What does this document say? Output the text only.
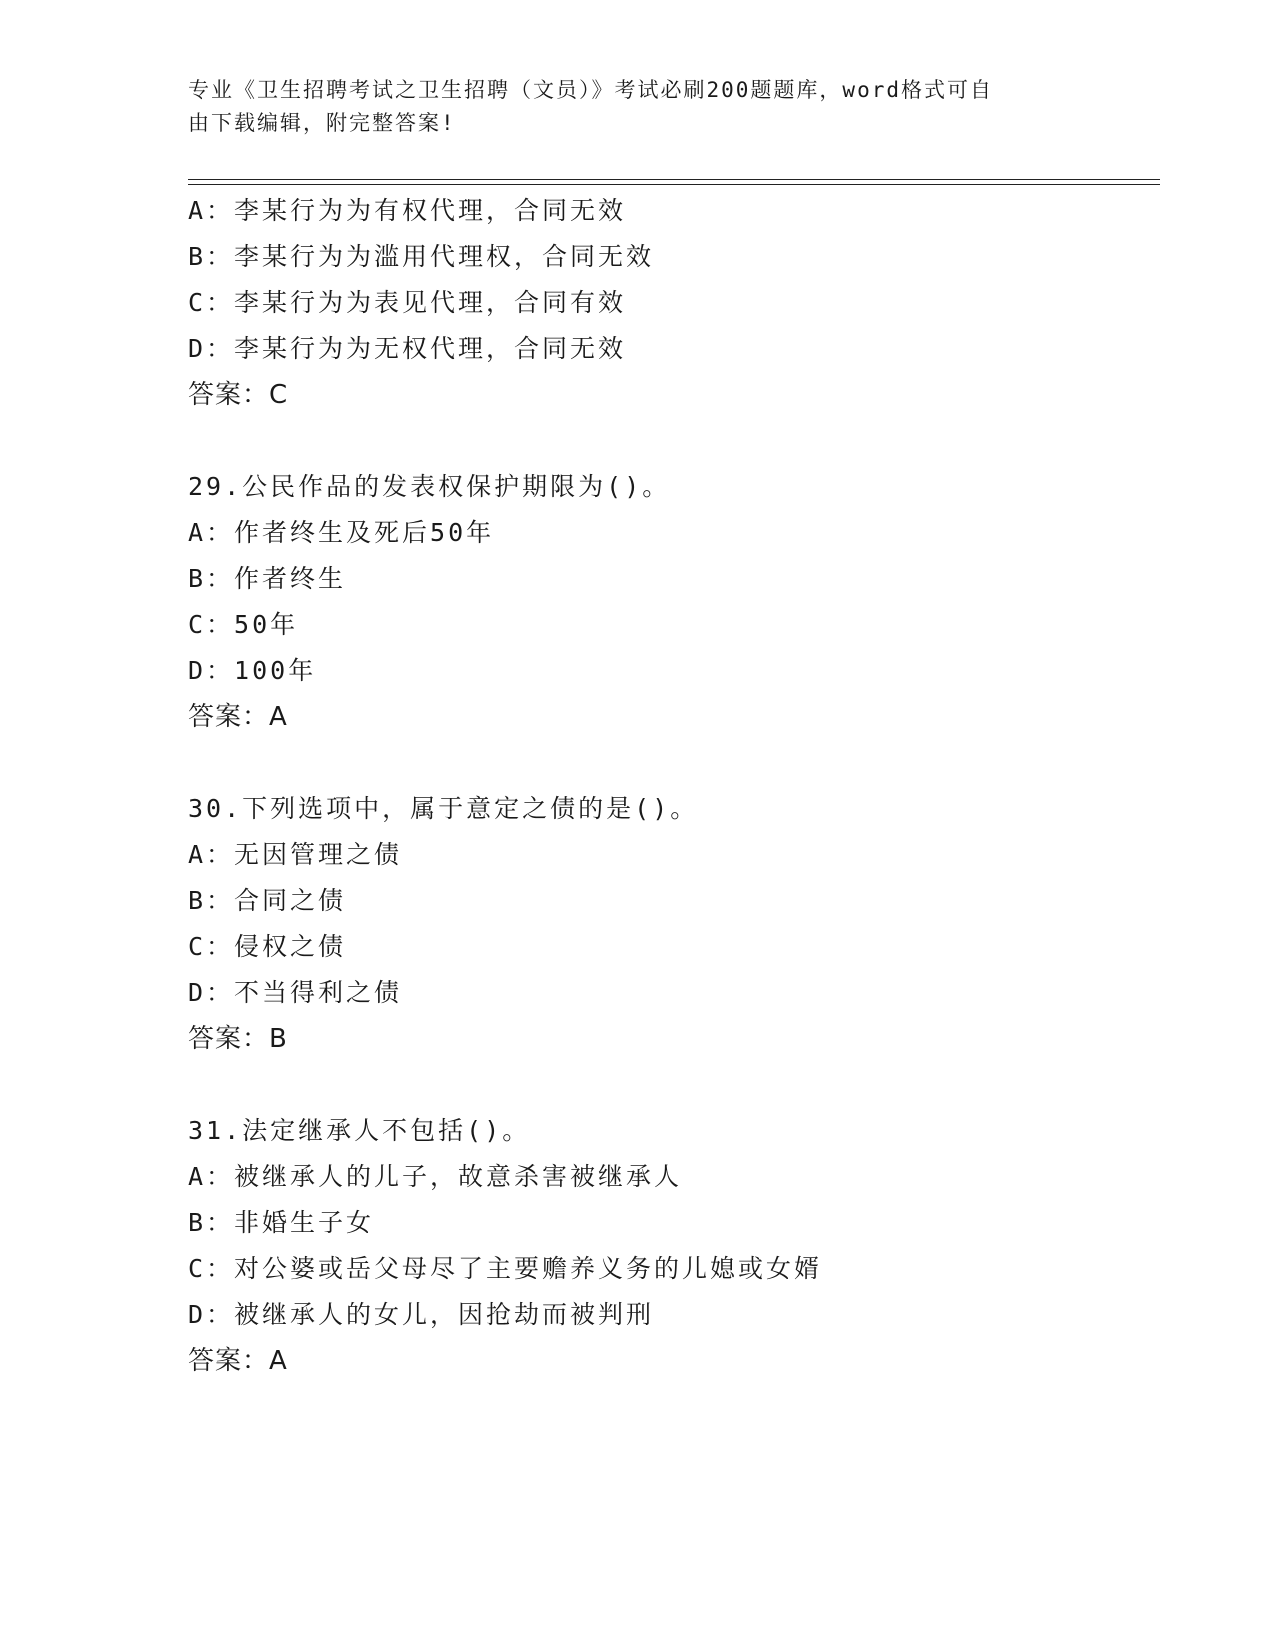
专业《卫生招聘考试之卫生招聘（文员）》考试必刷200题题库，word格式可自
由下载编辑，附完整答案!
A：李某行为为有权代理，合同无效
B：李某行为为滥用代理权，合同无效
C：李某行为为表见代理，合同有效
D：李某行为为无权代理，合同无效
答案：C
29.公民作品的发表权保护期限为()。
A：作者终生及死后50年
B：作者终生
C：50年
D：100年
答案：A
30.下列选项中，属于意定之债的是()。
A：无因管理之债
B：合同之债
C：侵权之债
D：不当得利之债
答案：B
31.法定继承人不包括()。
A：被继承人的儿子，故意杀害被继承人
B：非婚生子女
C：对公婆或岳父母尽了主要赡养义务的儿媳或女婿
D：被继承人的女儿，因抢劫而被判刑
答案：A
